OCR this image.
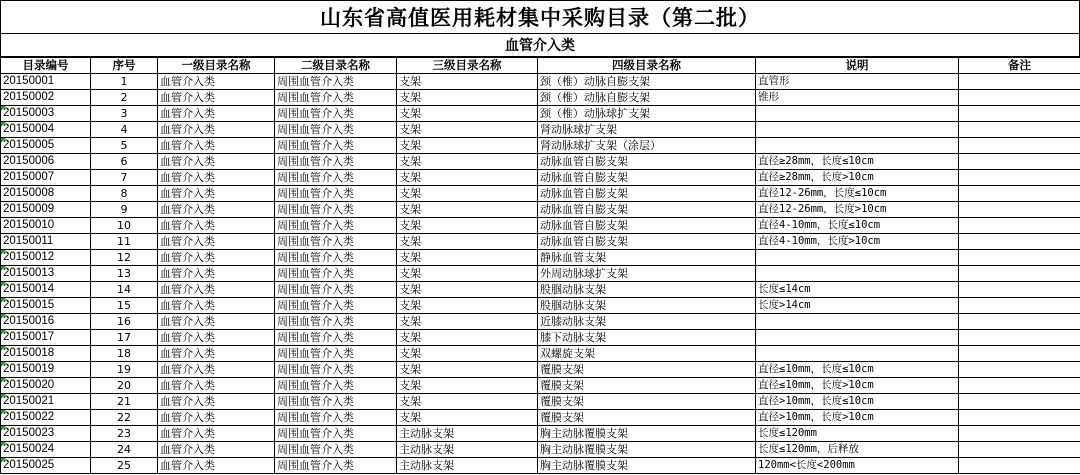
山东省高值医用耗材集中采购目录（第二批）
血管介入类
目录编号	序号	一级目录名称	二级目录名称	三级目录名称	四级目录名称	说明	备注
20150001	1	血管介入类	周围血管介入类	支架	颈（椎）动脉自膨支架	直管形	
20150002	2	血管介入类	周围血管介入类	支架	颈（椎）动脉自膨支架	锥形	
20150003	3	血管介入类	周围血管介入类	支架	颈（椎）动脉球扩支架		
20150004	4	血管介入类	周围血管介入类	支架	肾动脉球扩支架		
20150005	5	血管介入类	周围血管介入类	支架	肾动脉球扩支架（涂层）		
20150006	6	血管介入类	周围血管介入类	支架	动脉血管自膨支架	直径≥28mm，长度≤10cm	
20150007	7	血管介入类	周围血管介入类	支架	动脉血管自膨支架	直径≥28mm，长度>10cm	
20150008	8	血管介入类	周围血管介入类	支架	动脉血管自膨支架	直径12-26mm，长度≤10cm	
20150009	9	血管介入类	周围血管介入类	支架	动脉血管自膨支架	直径12-26mm，长度>10cm	
20150010	10	血管介入类	周围血管介入类	支架	动脉血管自膨支架	直径4-10mm，长度≤10cm	
20150011	11	血管介入类	周围血管介入类	支架	动脉血管自膨支架	直径4-10mm，长度>10cm	
20150012	12	血管介入类	周围血管介入类	支架	静脉血管支架		
20150013	13	血管介入类	周围血管介入类	支架	外周动脉球扩支架		
20150014	14	血管介入类	周围血管介入类	支架	股腘动脉支架	长度≤14cm	
20150015	15	血管介入类	周围血管介入类	支架	股腘动脉支架	长度>14cm	
20150016	16	血管介入类	周围血管介入类	支架	近膝动脉支架		
20150017	17	血管介入类	周围血管介入类	支架	膝下动脉支架		
20150018	18	血管介入类	周围血管介入类	支架	双螺旋支架		
20150019	19	血管介入类	周围血管介入类	支架	覆膜支架	直径≤10mm，长度≤10cm	
20150020	20	血管介入类	周围血管介入类	支架	覆膜支架	直径≤10mm，长度>10cm	
20150021	21	血管介入类	周围血管介入类	支架	覆膜支架	直径>10mm，长度≤10cm	
20150022	22	血管介入类	周围血管介入类	支架	覆膜支架	直径>10mm，长度>10cm	
20150023	23	血管介入类	周围血管介入类	主动脉支架	胸主动脉覆膜支架	长度≤120mm	
20150024	24	血管介入类	周围血管介入类	主动脉支架	胸主动脉覆膜支架	长度≤120mm，后释放	
20150025	25	血管介入类	周围血管介入类	主动脉支架	胸主动脉覆膜支架	120mm<长度<200mm	
